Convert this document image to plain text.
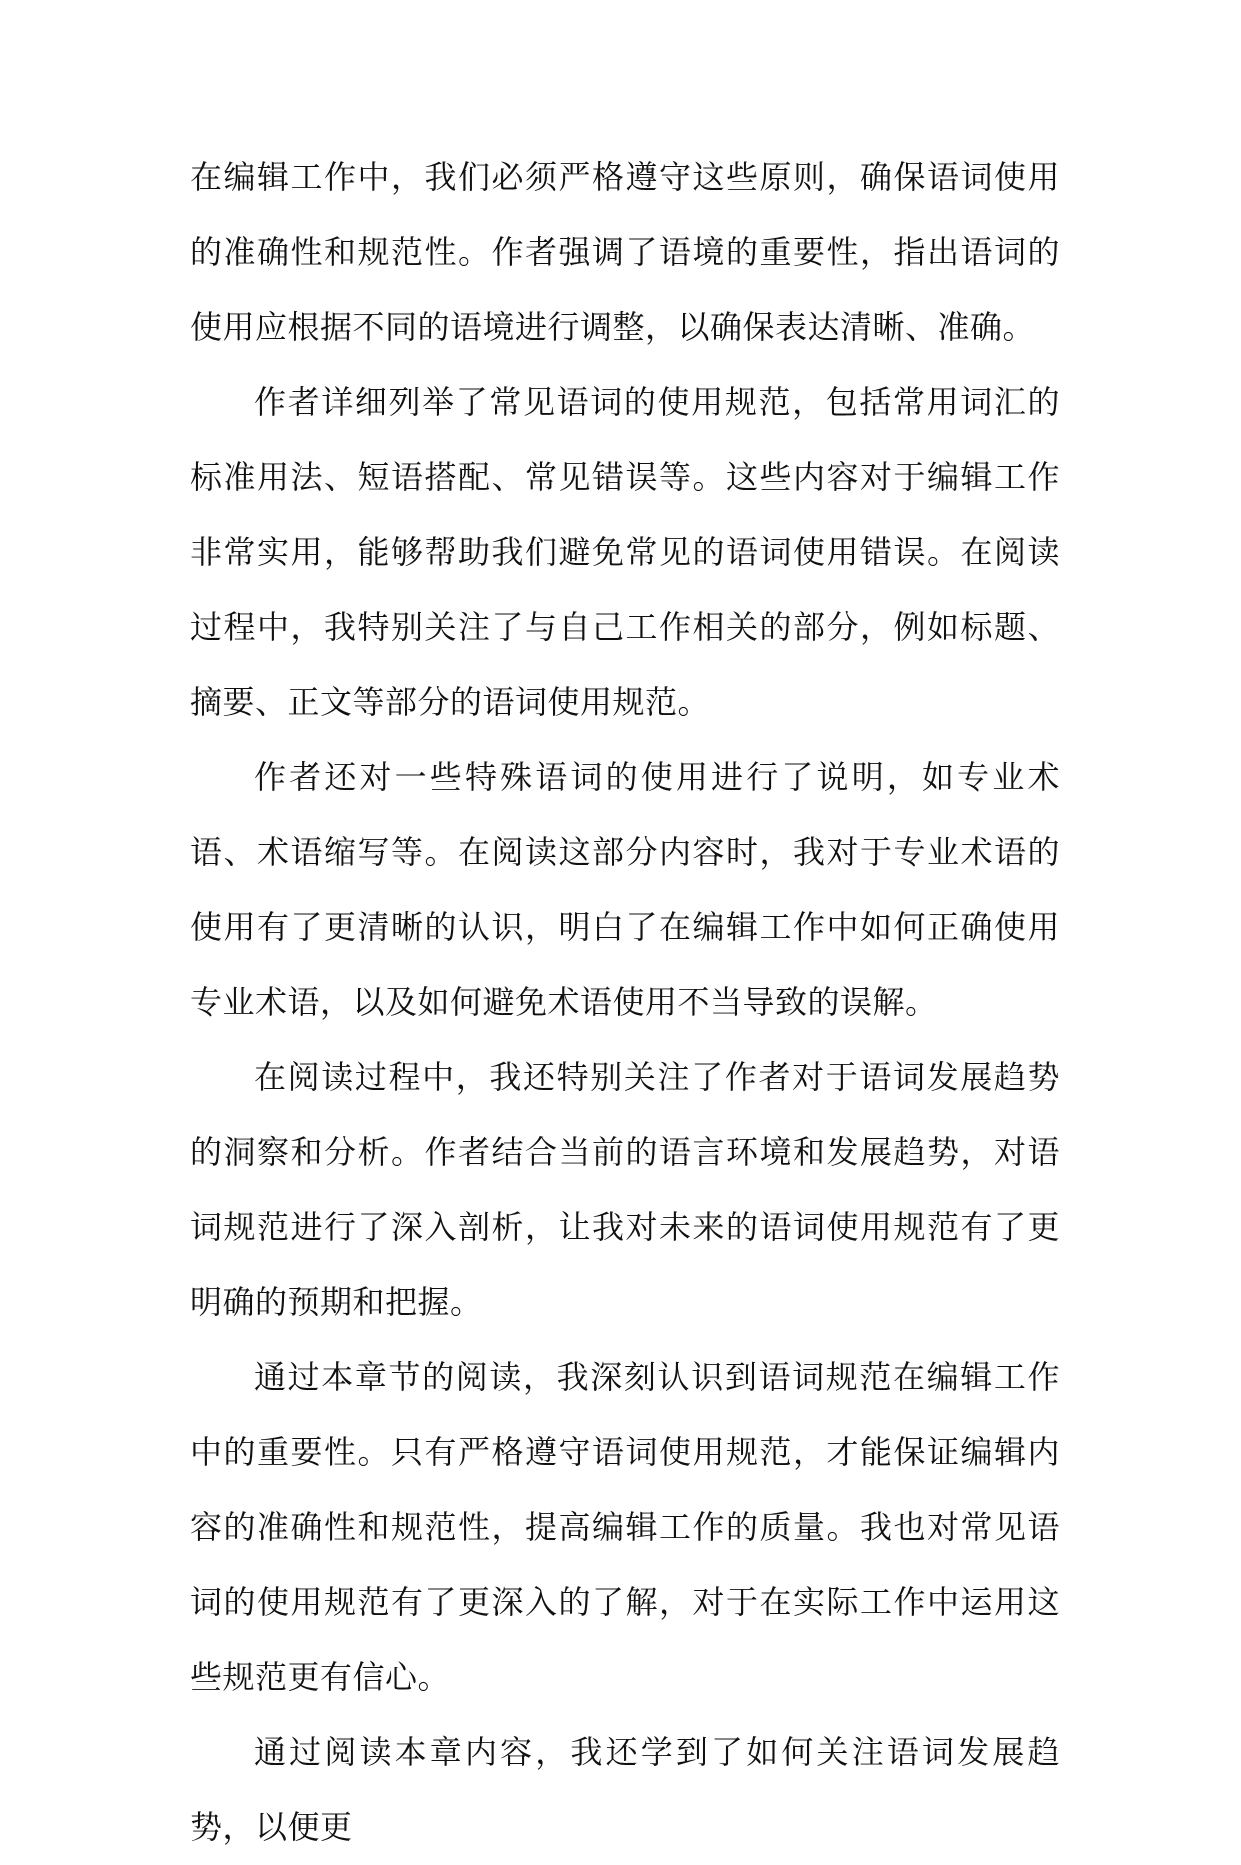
在编辑工作中，我们必须严格遵守这些原则，确保语词使用的准确性和规范性。作者强调了语境的重要性，指出语词的使用应根据不同的语境进行调整，以确保表达清晰、准确。

作者详细列举了常见语词的使用规范，包括常用词汇的标准用法、短语搭配、常见错误等。这些内容对于编辑工作非常实用，能够帮助我们避免常见的语词使用错误。在阅读过程中，我特别关注了与自己工作相关的部分，例如标题、摘要、正文等部分的语词使用规范。

作者还对一些特殊语词的使用进行了说明，如专业术语、术语缩写等。在阅读这部分内容时，我对于专业术语的使用有了更清晰的认识，明白了在编辑工作中如何正确使用专业术语，以及如何避免术语使用不当导致的误解。

在阅读过程中，我还特别关注了作者对于语词发展趋势的洞察和分析。作者结合当前的语言环境和发展趋势，对语词规范进行了深入剖析，让我对未来的语词使用规范有了更明确的预期和把握。

通过本章节的阅读，我深刻认识到语词规范在编辑工作中的重要性。只有严格遵守语词使用规范，才能保证编辑内容的准确性和规范性，提高编辑工作的质量。我也对常见语词的使用规范有了更深入的了解，对于在实际工作中运用这些规范更有信心。

通过阅读本章内容，我还学到了如何关注语词发展趋势，以便更
